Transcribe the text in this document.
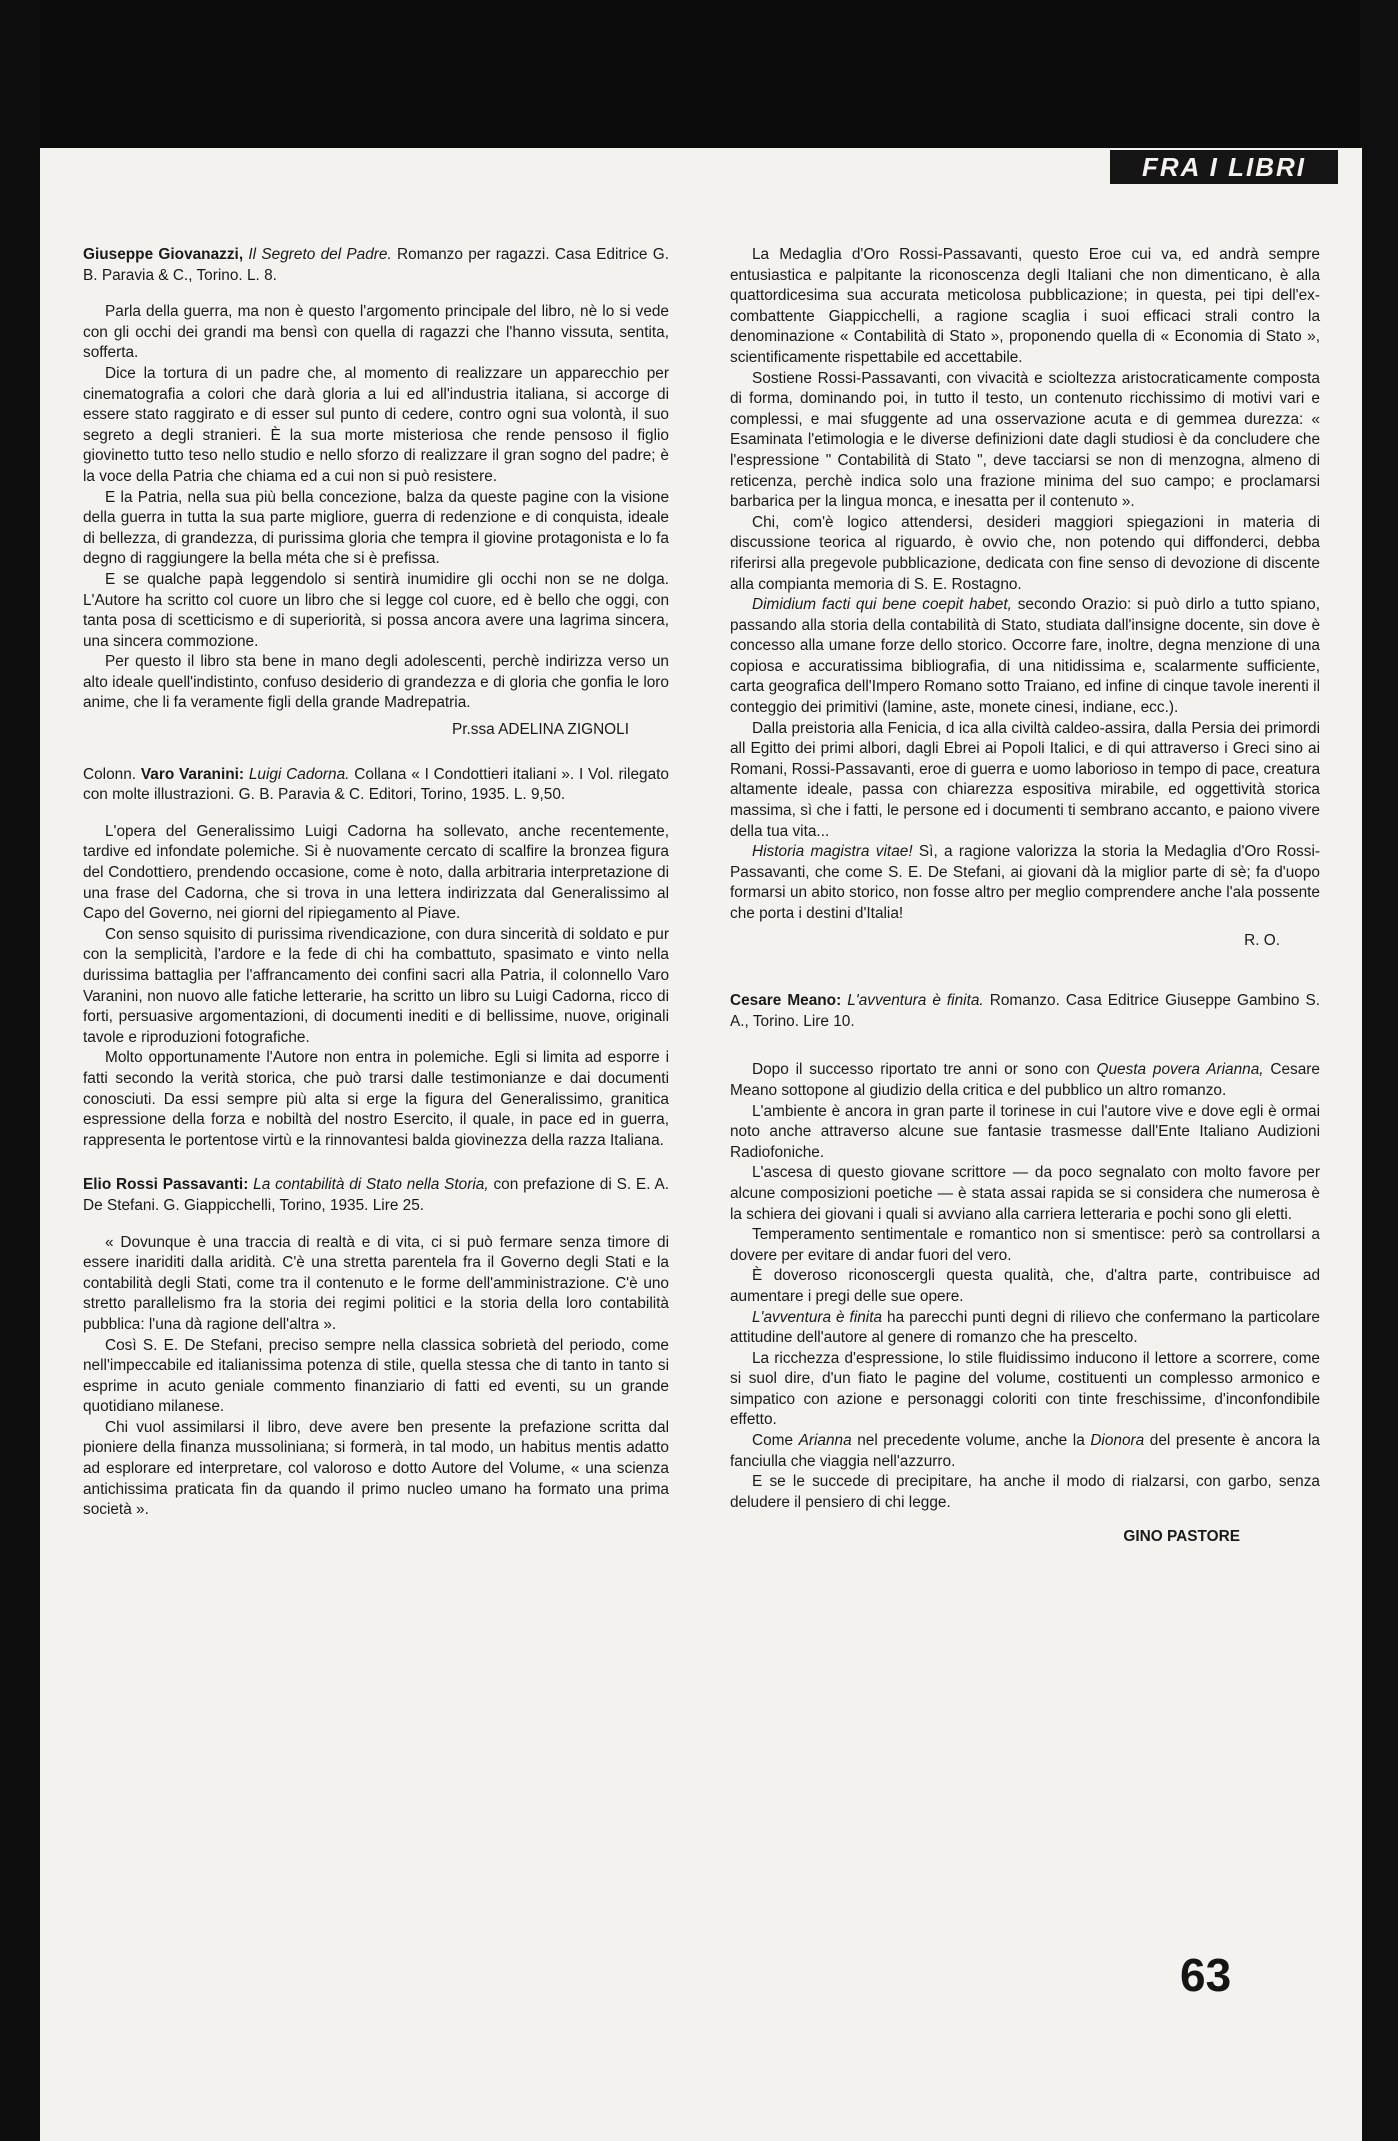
FRA I LIBRI

Giuseppe Giovanazzi, Il Segreto del Padre. Romanzo per ragazzi. Casa Editrice G. B. Paravia & C., Torino. L. 8.

Parla della guerra, ma non è questo l'argomento principale del libro, nè lo si vede con gli occhi dei grandi ma bensì con quella di ragazzi che l'hanno vissuta, sentita, sofferta.

Dice la tortura di un padre che, al momento di realizzare un apparecchio per cinematografia a colori che darà gloria a lui ed all'industria italiana, si accorge di essere stato raggirato e di esser sul punto di cedere, contro ogni sua volontà, il suo segreto a degli stranieri. È la sua morte misteriosa che rende pensoso il figlio giovinetto tutto teso nello studio e nello sforzo di realizzare il gran sogno del padre; è la voce della Patria che chiama ed a cui non si può resistere.

E la Patria, nella sua più bella concezione, balza da queste pagine con la visione della guerra in tutta la sua parte migliore, guerra di redenzione e di conquista, ideale di bellezza, di grandezza, di purissima gloria che tempra il giovine protagonista e lo fa degno di raggiungere la bella méta che si è prefissa.

E se qualche papà leggendolo si sentirà inumidire gli occhi non se ne dolga. L'Autore ha scritto col cuore un libro che si legge col cuore, ed è bello che oggi, con tanta posa di scetticismo e di superiorità, si possa ancora avere una lagrima sincera, una sincera commozione.

Per questo il libro sta bene in mano degli adolescenti, perchè indirizza verso un alto ideale quell'indistinto, confuso desiderio di grandezza e di gloria che gonfia le loro anime, che li fa veramente figli della grande Madrepatria.

Pr.ssa ADELINA ZIGNOLI

Colonn. Varo Varanini: Luigi Cadorna. Collana « I Condottieri italiani ». I Vol. rilegato con molte illustrazioni. G. B. Paravia & C. Editori, Torino, 1935. L. 9,50.

L'opera del Generalissimo Luigi Cadorna ha sollevato, anche recentemente, tardive ed infondate polemiche. Si è nuovamente cercato di scalfire la bronzea figura del Condottiero, prendendo occasione, come è noto, dalla arbitraria interpretazione di una frase del Cadorna, che si trova in una lettera indirizzata dal Generalissimo al Capo del Governo, nei giorni del ripiegamento al Piave.

Con senso squisito di purissima rivendicazione, con dura sincerità di soldato e pur con la semplicità, l'ardore e la fede di chi ha combattuto, spasimato e vinto nella durissima battaglia per l'affrancamento dei confini sacri alla Patria, il colonnello Varo Varanini, non nuovo alle fatiche letterarie, ha scritto un libro su Luigi Cadorna, ricco di forti, persuasive argomentazioni, di documenti inediti e di bellissime, nuove, originali tavole e riproduzioni fotografiche.

Molto opportunamente l'Autore non entra in polemiche. Egli si limita ad esporre i fatti secondo la verità storica, che può trarsi dalle testimonianze e dai documenti conosciuti. Da essi sempre più alta si erge la figura del Generalissimo, granitica espressione della forza e nobiltà del nostro Esercito, il quale, in pace ed in guerra, rappresenta le portentose virtù e la rinnovantesi balda giovinezza della razza Italiana.

Elio Rossi Passavanti: La contabilità di Stato nella Storia, con prefazione di S. E. A. De Stefani. G. Giappicchelli, Torino, 1935. Lire 25.

« Dovunque è una traccia di realtà e di vita, ci si può fermare senza timore di essere inariditi dalla aridità. C'è una stretta parentela fra il Governo degli Stati e la contabilità degli Stati, come tra il contenuto e le forme dell'amministrazione. C'è uno stretto parallelismo fra la storia dei regimi politici e la storia della loro contabilità pubblica: l'una dà ragione dell'altra ».

Così S. E. De Stefani, preciso sempre nella classica sobrietà del periodo, come nell'impeccabile ed italianissima potenza di stile, quella stessa che di tanto in tanto si esprime in acuto geniale commento finanziario di fatti ed eventi, su un grande quotidiano milanese.

Chi vuol assimilarsi il libro, deve avere ben presente la prefazione scritta dal pioniere della finanza mussoliniana; si formerà, in tal modo, un habitus mentis adatto ad esplorare ed interpretare, col valoroso e dotto Autore del Volume, « una scienza antichissima praticata fin da quando il primo nucleo umano ha formato una prima società ».

La Medaglia d'Oro Rossi-Passavanti, questo Eroe cui va, ed andrà sempre entusiastica e palpitante la riconoscenza degli Italiani che non dimenticano, è alla quattordicesima sua accurata meticolosa pubblicazione; in questa, pei tipi dell'ex-combattente Giappicchelli, a ragione scaglia i suoi efficaci strali contro la denominazione « Contabilità di Stato », proponendo quella di « Economia di Stato », scientificamente rispettabile ed accettabile.

Sostiene Rossi-Passavanti, con vivacità e scioltezza aristocraticamente composta di forma, dominando poi, in tutto il testo, un contenuto ricchissimo di motivi vari e complessi, e mai sfuggente ad una osservazione acuta e di gemmea durezza: « Esaminata l'etimologia e le diverse definizioni date dagli studiosi è da concludere che l'espressione " Contabilità di Stato ", deve tacciarsi se non di menzogna, almeno di reticenza, perchè indica solo una frazione minima del suo campo; e proclamarsi barbarica per la lingua monca, e inesatta per il contenuto ».

Chi, com'è logico attendersi, desideri maggiori spiegazioni in materia di discussione teorica al riguardo, è ovvio che, non potendo qui diffonderci, debba riferirsi alla pregevole pubblicazione, dedicata con fine senso di devozione di discente alla compianta memoria di S. E. Rostagno.

Dimidium facti qui bene coepit habet, secondo Orazio: si può dirlo a tutto spiano, passando alla storia della contabilità di Stato, studiata dall'insigne docente, sin dove è concesso alla umane forze dello storico. Occorre fare, inoltre, degna menzione di una copiosa e accuratissima bibliografia, di una nitidissima e, scalarmente sufficiente, carta geografica dell'Impero Romano sotto Traiano, ed infine di cinque tavole inerenti il conteggio dei primitivi (lamine, aste, monete cinesi, indiane, ecc.).

Dalla preistoria alla Fenicia, d ica alla civiltà caldeo-assira, dalla Persia dei primordi all Egitto dei primi albori, dagli Ebrei ai Popoli Italici, e di qui attraverso i Greci sino ai Romani, Rossi-Passavanti, eroe di guerra e uomo laborioso in tempo di pace, creatura altamente ideale, passa con chiarezza espositiva mirabile, ed oggettività storica massima, sì che i fatti, le persone ed i documenti ti sembrano accanto, e paiono vivere della tua vita...

Historia magistra vitae! Sì, a ragione valorizza la storia la Medaglia d'Oro Rossi-Passavanti, che come S. E. De Stefani, ai giovani dà la miglior parte di sè; fa d'uopo formarsi un abito storico, non fosse altro per meglio comprendere anche l'ala possente che porta i destini d'Italia!

R. O.

Cesare Meano: L'avventura è finita. Romanzo. Casa Editrice Giuseppe Gambino S. A., Torino. Lire 10.

Dopo il successo riportato tre anni or sono con Questa povera Arianna, Cesare Meano sottopone al giudizio della critica e del pubblico un altro romanzo.

L'ambiente è ancora in gran parte il torinese in cui l'autore vive e dove egli è ormai noto anche attraverso alcune sue fantasie trasmesse dall'Ente Italiano Audizioni Radiofoniche.

L'ascesa di questo giovane scrittore — da poco segnalato con molto favore per alcune composizioni poetiche — è stata assai rapida se si considera che numerosa è la schiera dei giovani i quali si avviano alla carriera letteraria e pochi sono gli eletti.

Temperamento sentimentale e romantico non si smentisce: però sa controllarsi a dovere per evitare di andar fuori del vero.

È doveroso riconoscergli questa qualità, che, d'altra parte, contribuisce ad aumentare i pregi delle sue opere.

L'avventura è finita ha parecchi punti degni di rilievo che confermano la particolare attitudine dell'autore al genere di romanzo che ha prescelto.

La ricchezza d'espressione, lo stile fluidissimo inducono il lettore a scorrere, come si suol dire, d'un fiato le pagine del volume, costituenti un complesso armonico e simpatico con azione e personaggi coloriti con tinte freschissime, d'inconfondibile effetto.

Come Arianna nel precedente volume, anche la Dionora del presente è ancora la fanciulla che viaggia nell'azzurro.

E se le succede di precipitare, ha anche il modo di rialzarsi, con garbo, senza deludere il pensiero di chi legge.

GINO PASTORE

63
